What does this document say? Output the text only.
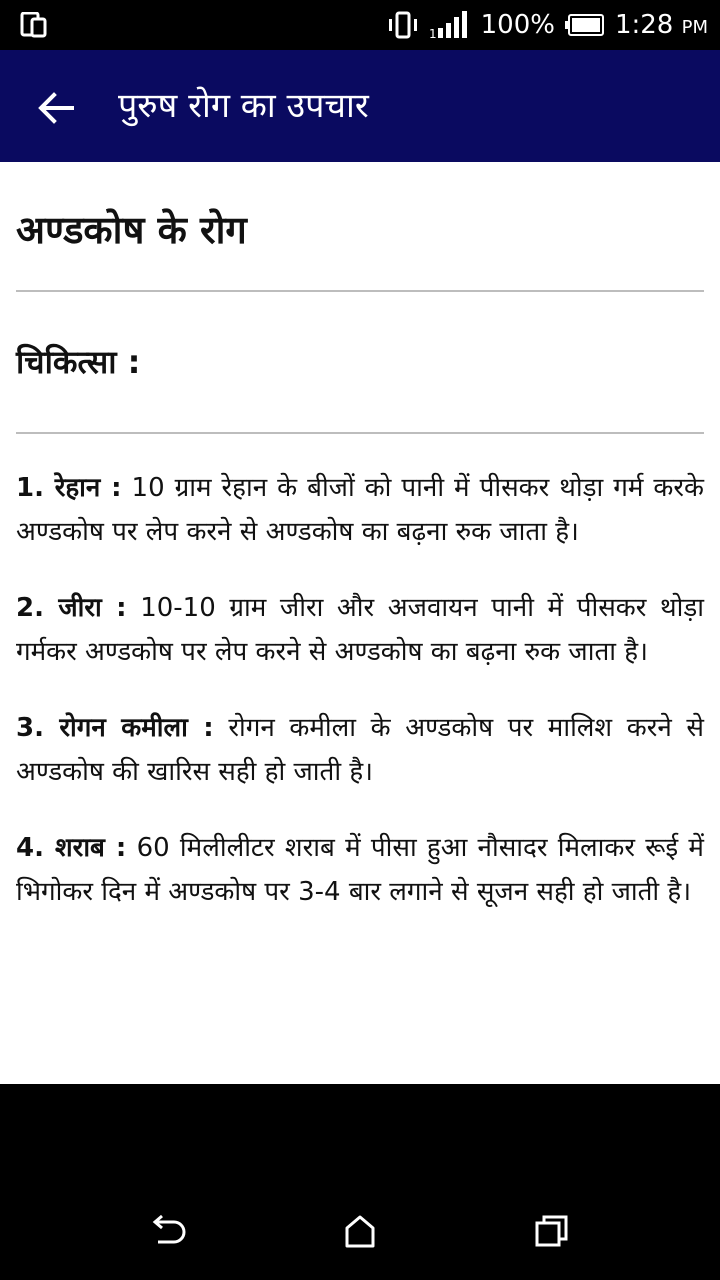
1 100% 1:28 PM
पुरुष रोग का उपचार
अण्डकोष के रोग
चिकित्सा :

1. रेहान : 10 ग्राम रेहान के बीजों को पानी में पीसकर थोड़ा गर्म करके अण्डकोष पर लेप करने से अण्डकोष का बढ़ना रुक जाता है।

2. जीरा : 10-10 ग्राम जीरा और अजवायन पानी में पीसकर थोड़ा गर्मकर अण्डकोष पर लेप करने से अण्डकोष का बढ़ना रुक जाता है।

3. रोगन कमीला : रोगन कमीला के अण्डकोष पर मालिश करने से अण्डकोष की खारिस सही हो जाती है।

4. शराब : 60 मिलीलीटर शराब में पीसा हुआ नौसादर मिलाकर रूई में भिगोकर दिन में अण्डकोष पर 3-4 बार लगाने से सूजन सही हो जाती है।
